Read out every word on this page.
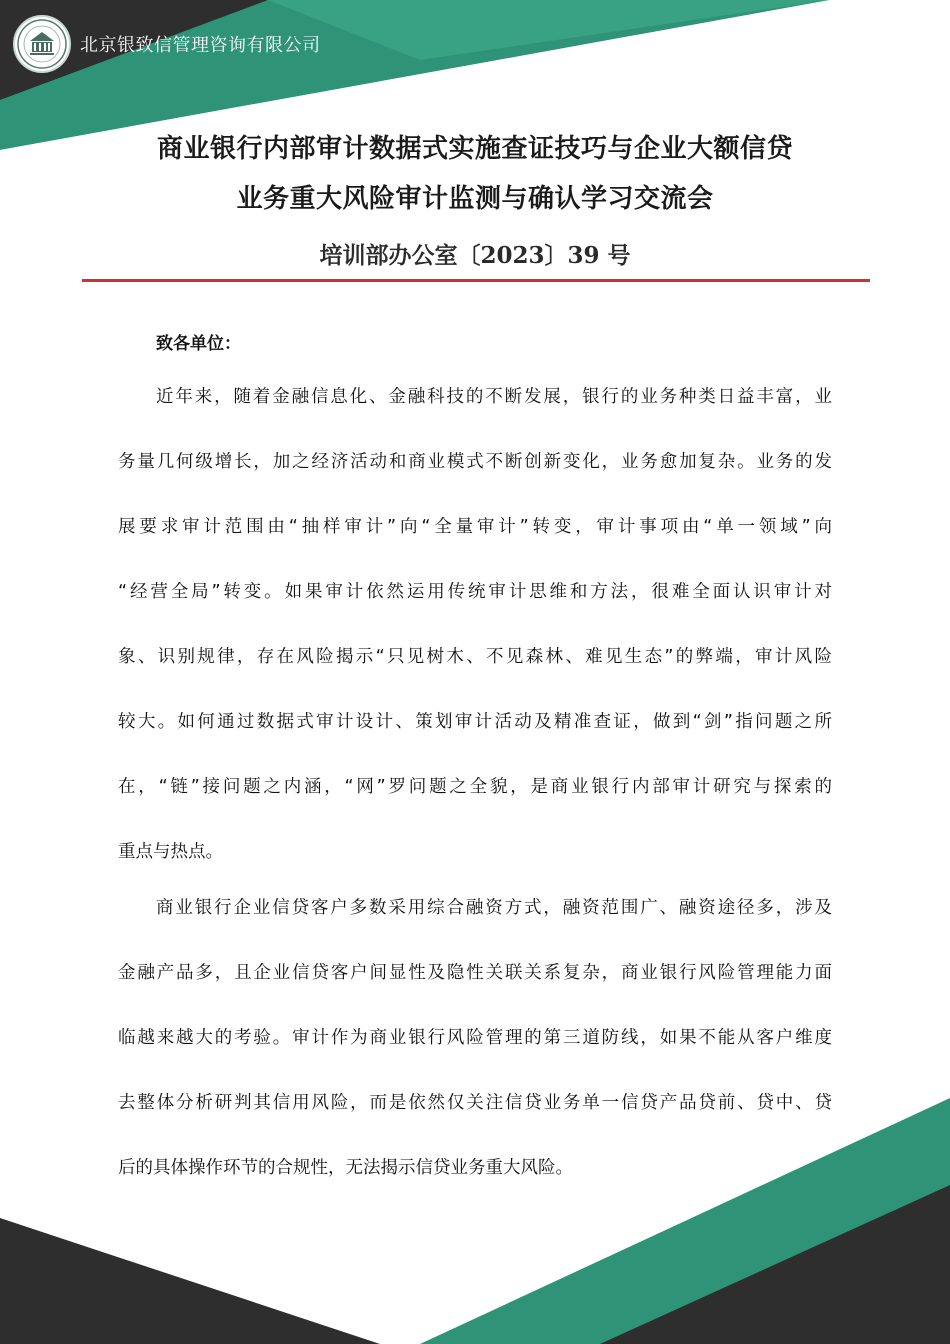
北京银致信管理咨询有限公司
商业银行内部审计数据式实施查证技巧与企业大额信贷
业务重大风险审计监测与确认学习交流会
培训部办公室〔2023〕39 号
致各单位：
近年来，随着金融信息化、金融科技的不断发展，银行的业务种类日益丰富，业
务量几何级增长，加之经济活动和商业模式不断创新变化，业务愈加复杂。业务的发
展要求审计范围由“抽样审计”向“全量审计”转变，审计事项由“单一领域”向
“经营全局”转变。如果审计依然运用传统审计思维和方法，很难全面认识审计对
象、识别规律，存在风险揭示“只见树木、不见森林、难见生态”的弊端，审计风险
较大。如何通过数据式审计设计、策划审计活动及精准查证，做到“剑”指问题之所
在，“链”接问题之内涵，“网”罗问题之全貌，是商业银行内部审计研究与探索的
重点与热点。
商业银行企业信贷客户多数采用综合融资方式，融资范围广、融资途径多，涉及
金融产品多，且企业信贷客户间显性及隐性关联关系复杂，商业银行风险管理能力面
临越来越大的考验。审计作为商业银行风险管理的第三道防线，如果不能从客户维度
去整体分析研判其信用风险，而是依然仅关注信贷业务单一信贷产品贷前、贷中、贷
后的具体操作环节的合规性，无法揭示信贷业务重大风险。
